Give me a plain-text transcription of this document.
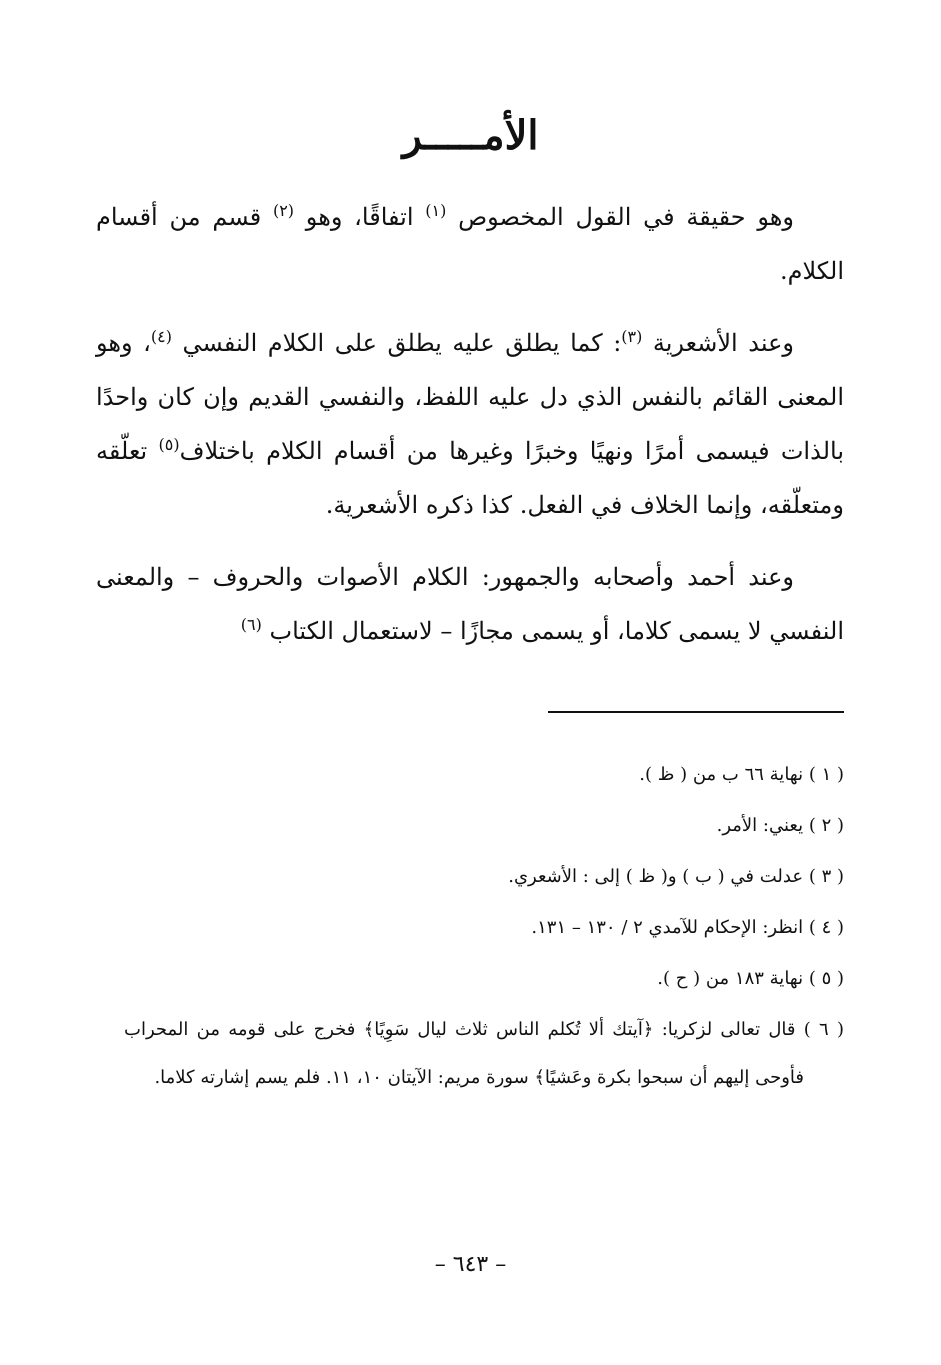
الأمـــــر

وهو حقيقة في القول المخصوص $^{(١)}$ اتفاقًا، وهو $^{(٢)}$ قسم من أقسام الكلام.

وعند الأشعرية $^{(٣)}$: كما يطلق عليه يطلق على الكلام النفسي $^{(٤)}$، وهو المعنى القائم بالنفس الذي دل عليه اللفظ، والنفسي القديم وإن كان واحدًا بالذات فيسمى أمرًا ونهيًا وخبرًا وغيرها من أقسام الكلام باختلاف$^{(٥)}$ تعلّقه ومتعلّقه، وإنما الخلاف في الفعل. كذا ذكره الأشعرية.

وعند أحمد وأصحابه والجمهور: الكلام الأصوات والحروف – والمعنى النفسي لا يسمى كلاما، أو يسمى مجازًا – لاستعمال الكتاب $^{(٦)}$

( ١ ) نهاية ٦٦ ب من ( ظ ).
( ٢ ) يعني: الأمر.
( ٣ ) عدلت في ( ب ) و( ظ ) إلى : الأشعري.
( ٤ ) انظر: الإحكام للآمدي ٢ / ١٣٠ – ١٣١.
( ٥ ) نهاية ١٨٣ من ( ح ).
( ٦ ) قال تعالى لزكريا: ﴿آيتك ألا تُكلم الناس ثلاث ليال سَوِيًا﴾ فخرج على قومه من المحراب فأوحى إليهم أن سبحوا بكرة وعَشيًا﴾ سورة مريم: الآيتان ١٠، ١١. فلم يسم إشارته كلاما.
– ٦٤٣ –
